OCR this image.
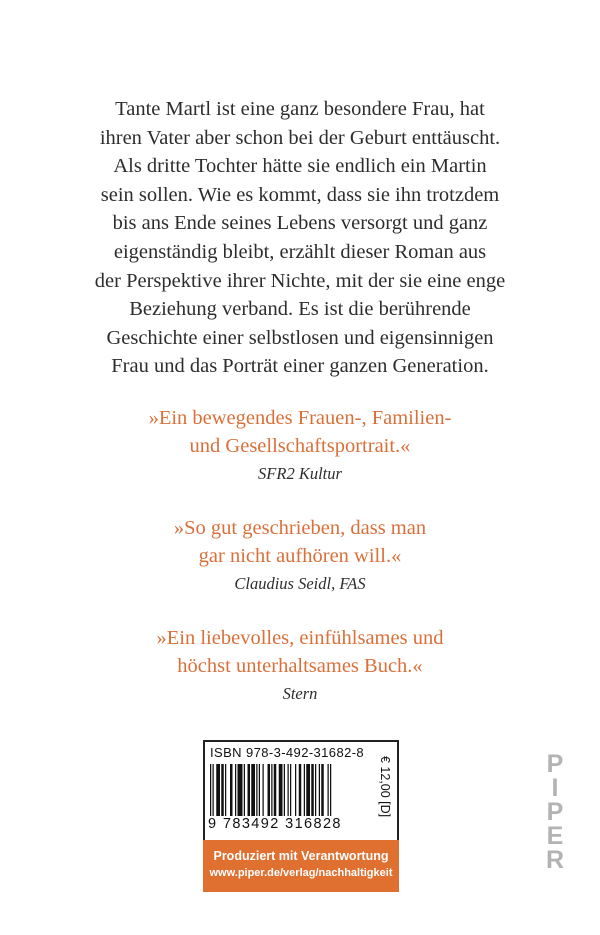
Tante Martl ist eine ganz besondere Frau, hat
ihren Vater aber schon bei der Geburt enttäuscht.
Als dritte Tochter hätte sie endlich ein Martin
sein sollen. Wie es kommt, dass sie ihn trotzdem
bis ans Ende seines Lebens versorgt und ganz
eigenständig bleibt, erzählt dieser Roman aus
der Perspektive ihrer Nichte, mit der sie eine enge
Beziehung verband. Es ist die berührende
Geschichte einer selbstlosen und eigensinnigen
Frau und das Porträt einer ganzen Generation.
»Ein bewegendes Frauen-, Familien-
und Gesellschaftsportrait.«
SFR2 Kultur
»So gut geschrieben, dass man
gar nicht aufhören will.«
Claudius Seidl, FAS
»Ein liebevolles, einfühlsames und
höchst unterhaltsames Buch.«
Stern
ISBN 978-3-492-31682-8
9 783492 316828
€ 12,00 [D]
Produziert mit Verantwortung
www.piper.de/verlag/nachhaltigkeit
P
I
P
E
R
